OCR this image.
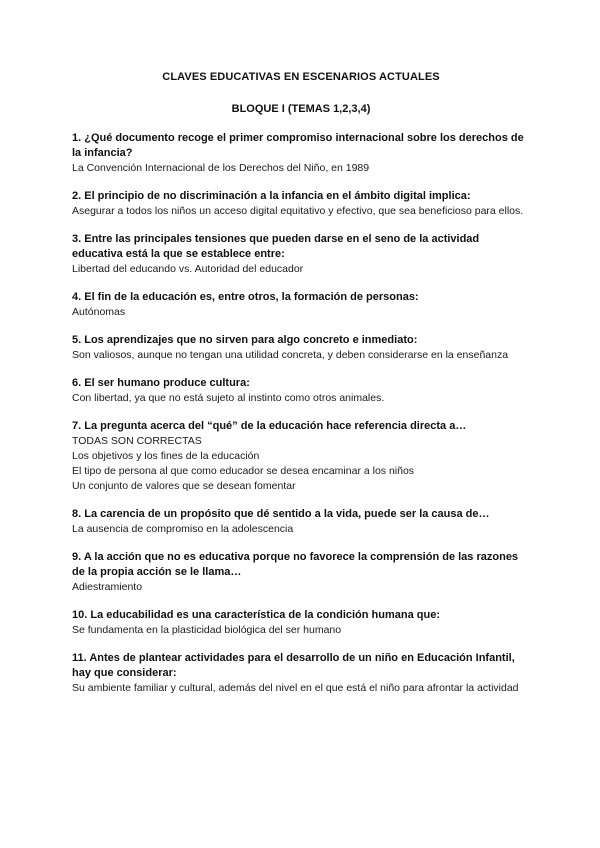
CLAVES EDUCATIVAS EN ESCENARIOS ACTUALES
BLOQUE I (TEMAS 1,2,3,4)

1. ¿Qué documento recoge el primer compromiso internacional sobre los derechos de la infancia?

La Convención Internacional de los Derechos del Niño, en 1989

2. El principio de no discriminación a la infancia en el ámbito digital implica:

Asegurar a todos los niños un acceso digital equitativo y efectivo, que sea beneficioso para ellos.

3. Entre las principales tensiones que pueden darse en el seno de la actividad educativa está la que se establece entre:

Libertad del educando vs. Autoridad del educador

4. El fin de la educación es, entre otros, la formación de personas:

Autónomas

5. Los aprendizajes que no sirven para algo concreto e inmediato:

Son valiosos, aunque no tengan una utilidad concreta, y deben considerarse en la enseñanza

6. El ser humano produce cultura:

Con libertad, ya que no está sujeto al instinto como otros animales.

7. La pregunta acerca del “qué” de la educación hace referencia directa a…

TODAS SON CORRECTAS

Los objetivos y los fines de la educación

El tipo de persona al que como educador se desea encaminar a los niños

Un conjunto de valores que se desean fomentar

8. La carencia de un propósito que dé sentido a la vida, puede ser la causa de…

La ausencia de compromiso en la adolescencia

9. A la acción que no es educativa porque no favorece la comprensión de las razones de la propia acción se le llama…

Adiestramiento

10. La educabilidad es una característica de la condición humana que:

Se fundamenta en la plasticidad biológica del ser humano

11. Antes de plantear actividades para el desarrollo de un niño en Educación Infantil, hay que considerar:

Su ambiente familiar y cultural, además del nivel en el que está el niño para afrontar la actividad
